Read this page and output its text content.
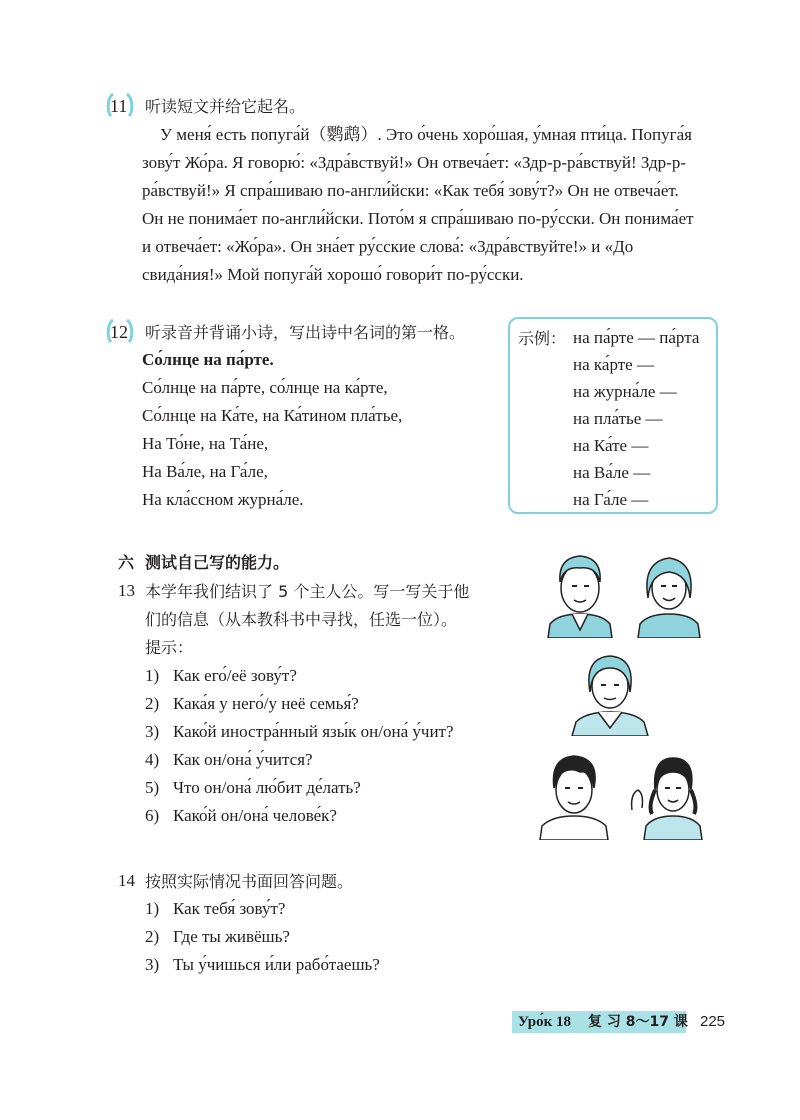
11 听读短文并给它起名。
У меня́ есть попуга́й（鹦鹉）. Это о́чень хоро́шая, у́мная пти́ца. Попуга́я
зову́т Жо́ра. Я говорю́: «Здра́вствуй!» Он отвеча́ет: «Здр-р-ра́вствуй! Здр-р-
ра́вствуй!» Я спра́шиваю по-англи́йски: «Как тебя́ зову́т?» Он не отвеча́ет.
Он не понима́ет по-англи́йски. Пото́м я спра́шиваю по-ру́сски. Он понима́ет
и отвеча́ет: «Жо́ра». Он зна́ет ру́сские слова́: «Здра́вствуйте!» и «До
свида́ния!» Мой попуга́й хорошо́ говори́т по-ру́сски.
12 听录音并背诵小诗，写出诗中名词的第一格。
Со́лнце на па́рте.
Со́лнце на па́рте, со́лнце на ка́рте,
Со́лнце на Ка́те, на Ка́тином пла́тье,
На То́не, на Та́не,
На Ва́ле, на Га́ле,
На кла́ссном журна́ле.
示例： на па́рте — па́рта
на ка́рте —
на журна́ле —
на пла́тье —
на Ка́те —
на Ва́ле —
на Га́ле —
六 测试自己写的能力。
13 本学年我们结识了 5 个主人公。写一写关于他
们的信息（从本教科书中寻找，任选一位）。
提示：
1) Как его́/её зову́т?
2) Кака́я у него́/у неё семья́?
3) Како́й иностра́нный язы́к он/она́ у́чит?
4) Как он/она́ у́чится?
5) Что он/она́ лю́бит де́лать?
6) Како́й он/она́ челове́к?
14 按照实际情况书面回答问题。
1) Как тебя́ зову́т?
2) Где ты живёшь?
3) Ты у́чишься и́ли рабо́таешь?
Уро́к 18 复 习 8～17 课 225
